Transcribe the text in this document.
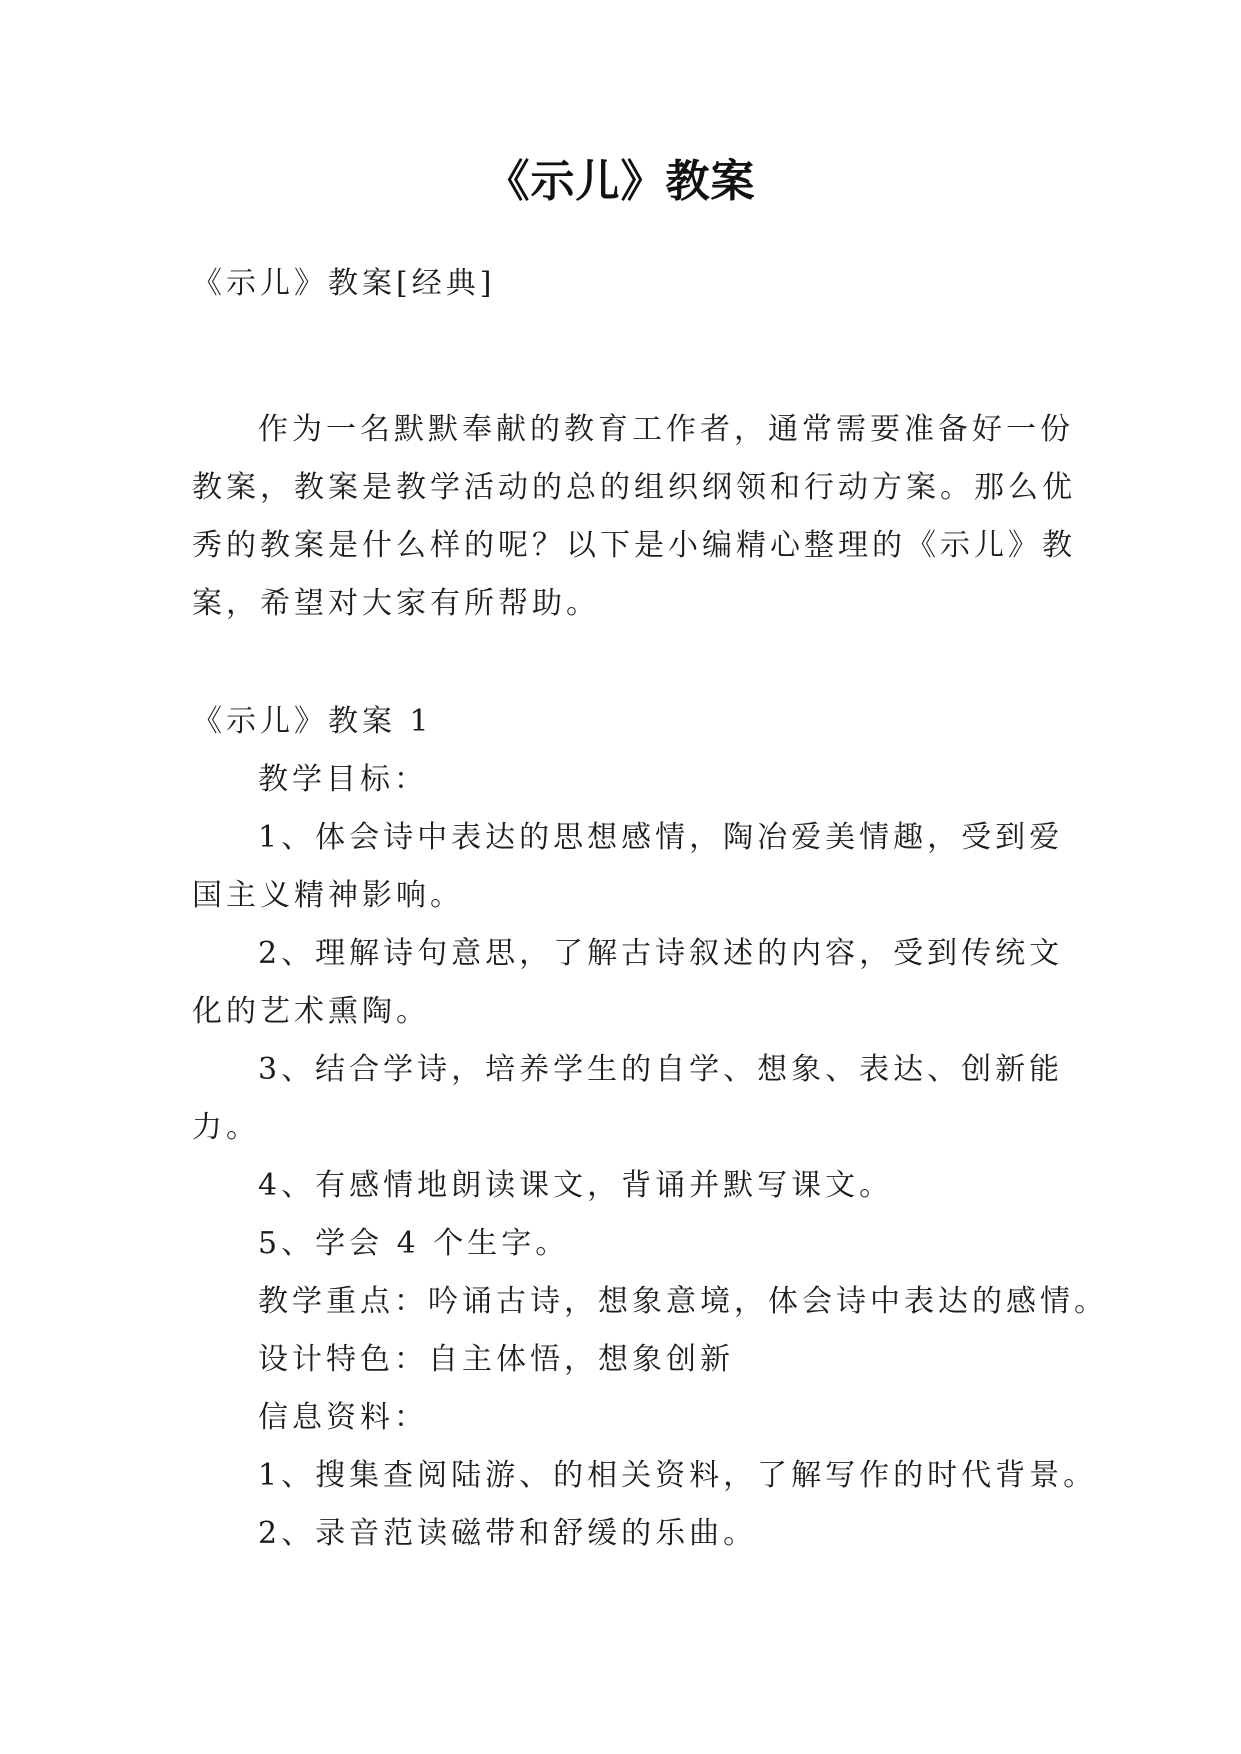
《示儿》教案
《示儿》教案[经典]
作为一名默默奉献的教育工作者，通常需要准备好一份
教案，教案是教学活动的总的组织纲领和行动方案。那么优
秀的教案是什么样的呢？以下是小编精心整理的《示儿》教
案，希望对大家有所帮助。
《示儿》教案 1
教学目标：
1、体会诗中表达的思想感情，陶冶爱美情趣，受到爱
国主义精神影响。
2、理解诗句意思，了解古诗叙述的内容，受到传统文
化的艺术熏陶。
3、结合学诗，培养学生的自学、想象、表达、创新能
力。
4、有感情地朗读课文，背诵并默写课文。
5、学会 4 个生字。
教学重点：吟诵古诗，想象意境，体会诗中表达的感情。
设计特色：自主体悟，想象创新
信息资料：
1、搜集查阅陆游、的相关资料，了解写作的时代背景。
2、录音范读磁带和舒缓的乐曲。
